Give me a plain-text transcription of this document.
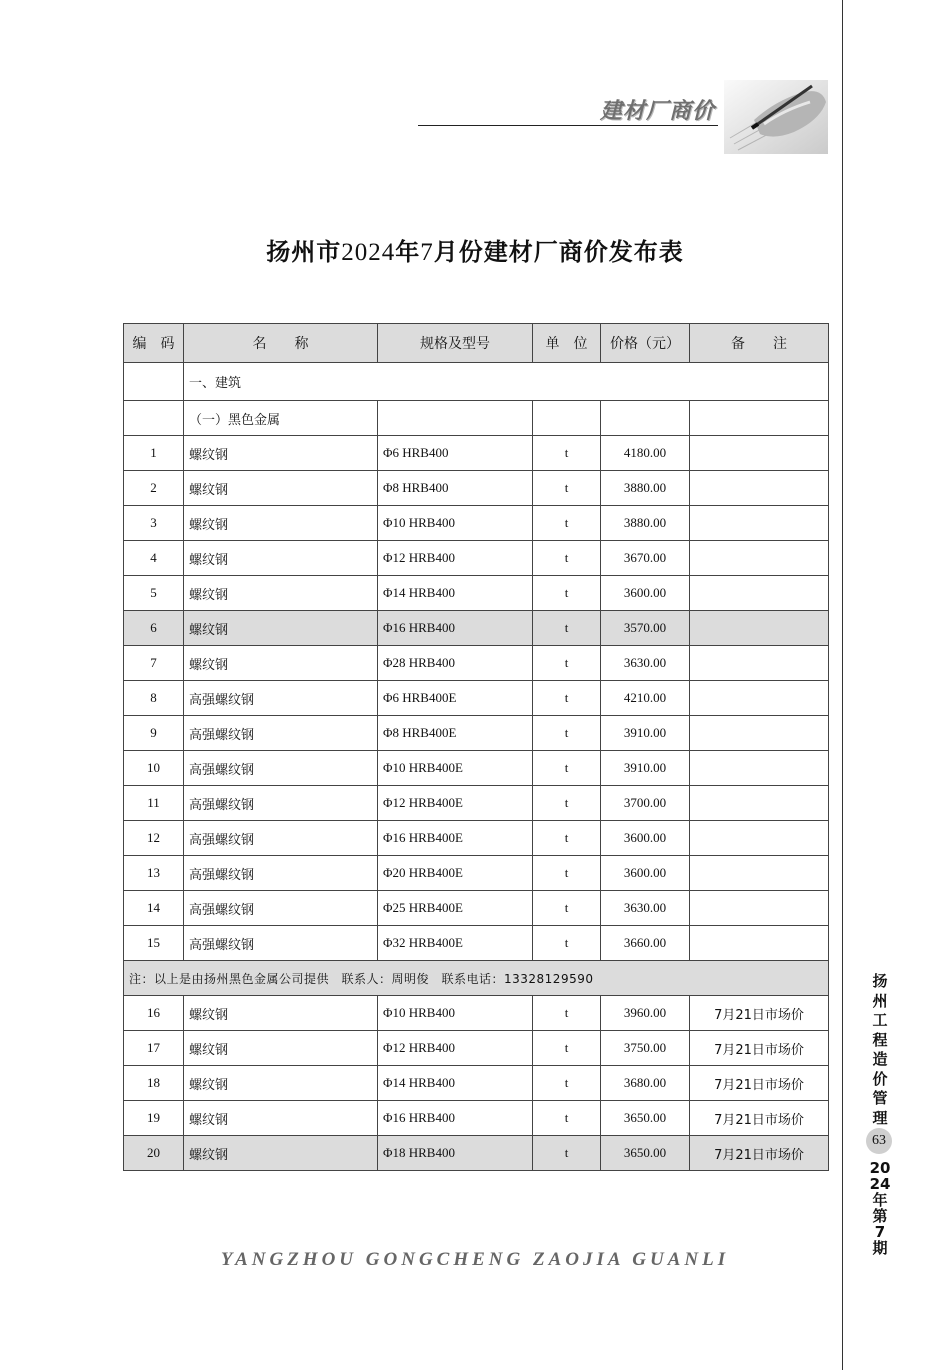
建材厂商价
扬州市2024年7月份建材厂商价发布表
编　码	名　　称	规格及型号	单　位	价格（元）	备　　注
	一、建筑				
	（一）黑色金属				
1	螺纹钢	Φ6 HRB400	t	4180.00	
2	螺纹钢	Φ8 HRB400	t	3880.00	
3	螺纹钢	Φ10 HRB400	t	3880.00	
4	螺纹钢	Φ12 HRB400	t	3670.00	
5	螺纹钢	Φ14 HRB400	t	3600.00	
6	螺纹钢	Φ16 HRB400	t	3570.00	
7	螺纹钢	Φ28 HRB400	t	3630.00	
8	高强螺纹钢	Φ6 HRB400E	t	4210.00	
9	高强螺纹钢	Φ8 HRB400E	t	3910.00	
10	高强螺纹钢	Φ10 HRB400E	t	3910.00	
11	高强螺纹钢	Φ12 HRB400E	t	3700.00	
12	高强螺纹钢	Φ16 HRB400E	t	3600.00	
13	高强螺纹钢	Φ20 HRB400E	t	3600.00	
14	高强螺纹钢	Φ25 HRB400E	t	3630.00	
15	高强螺纹钢	Φ32 HRB400E	t	3660.00	
注：以上是由扬州黑色金属公司提供　联系人：周明俊　联系电话：13328129590					
16	螺纹钢	Φ10 HRB400	t	3960.00	7月21日市场价
17	螺纹钢	Φ12 HRB400	t	3750.00	7月21日市场价
18	螺纹钢	Φ14 HRB400	t	3680.00	7月21日市场价
19	螺纹钢	Φ16 HRB400	t	3650.00	7月21日市场价
20	螺纹钢	Φ18 HRB400	t	3650.00	7月21日市场价
YANGZHOU GONGCHENG ZAOJIA GUANLI
扬州工程造价管理
63
2024年第7期
